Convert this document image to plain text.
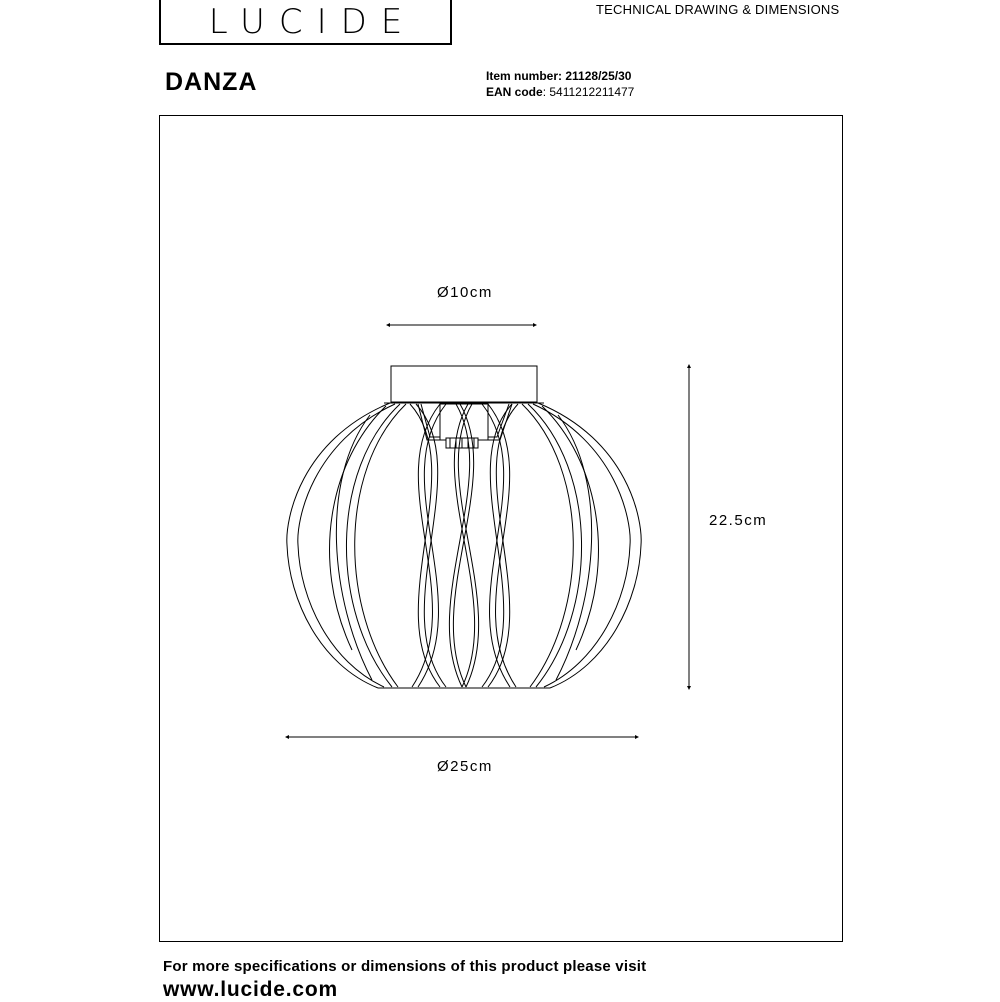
LUCIDE	TECHNICAL DRAWING & DIMENSIONS
DANZA	Item number: 21128/25/30
EAN code: 5411212211477
Ø10cm
22.5cm
Ø25cm
For more specifications or dimensions of this product please visit
www.lucide.com
